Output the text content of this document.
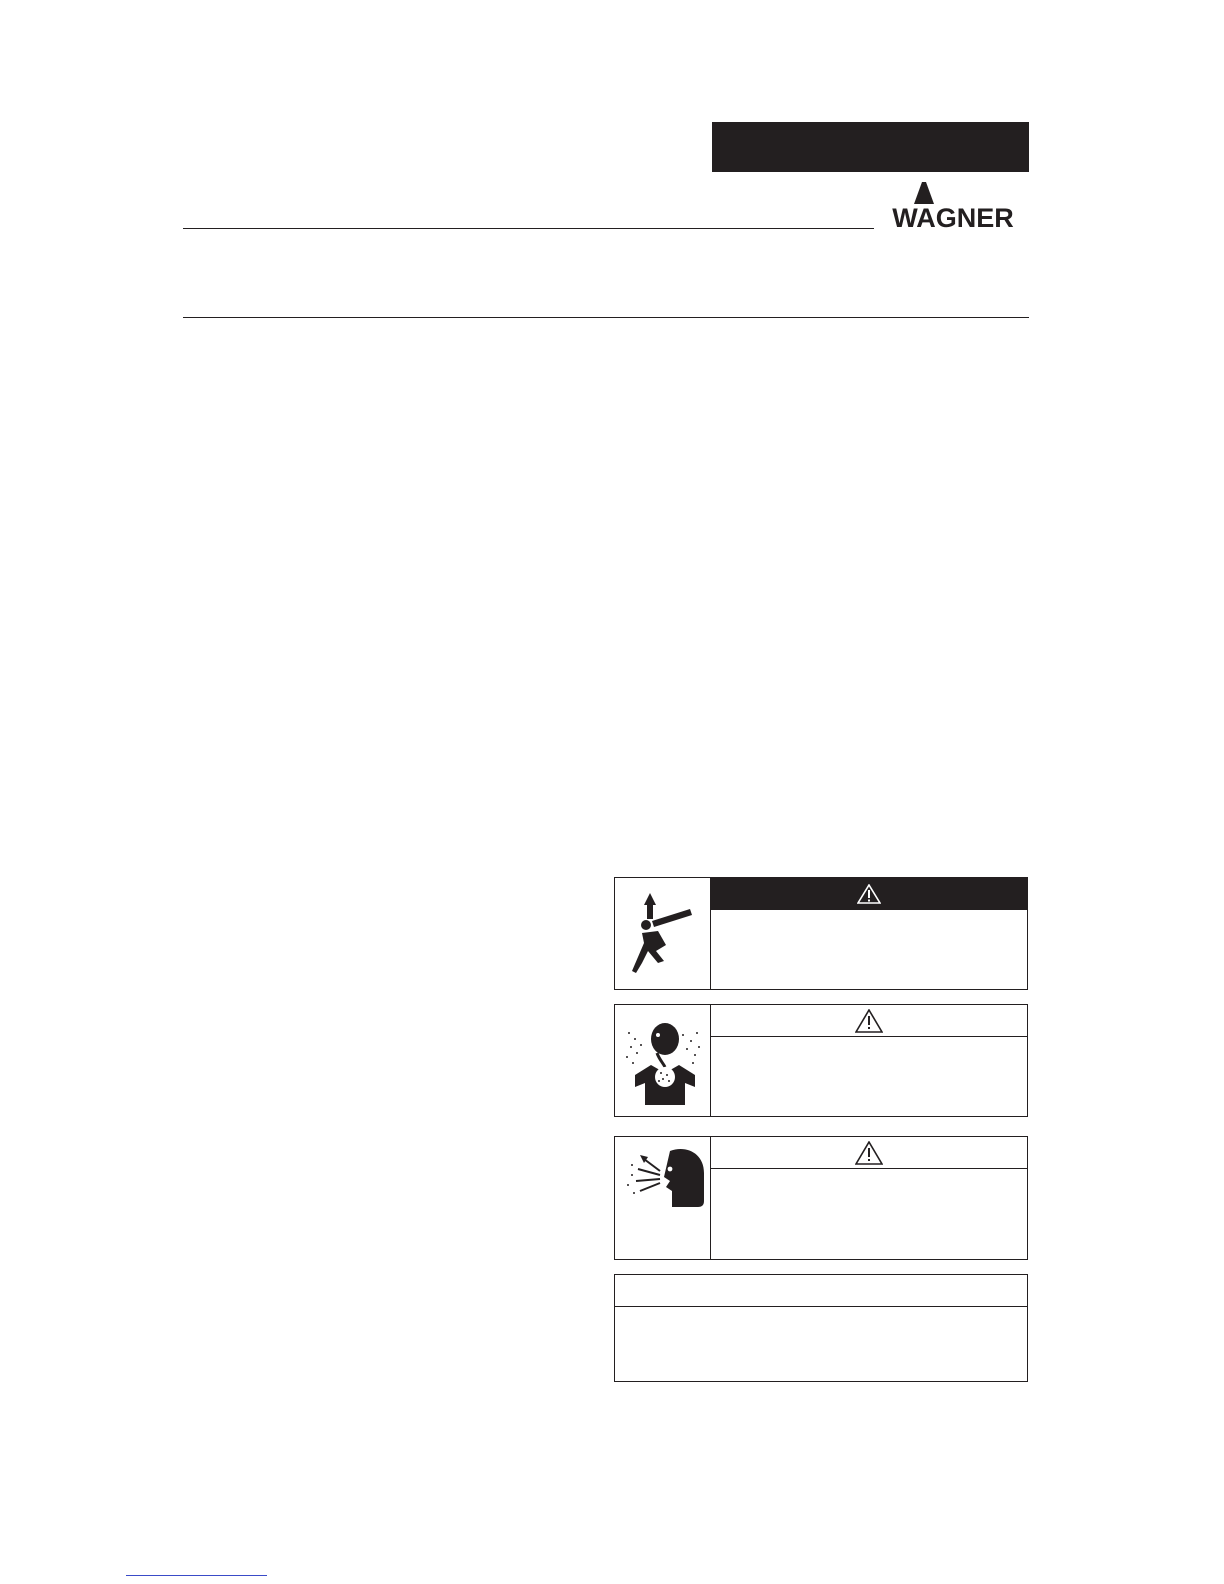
WAGNER
